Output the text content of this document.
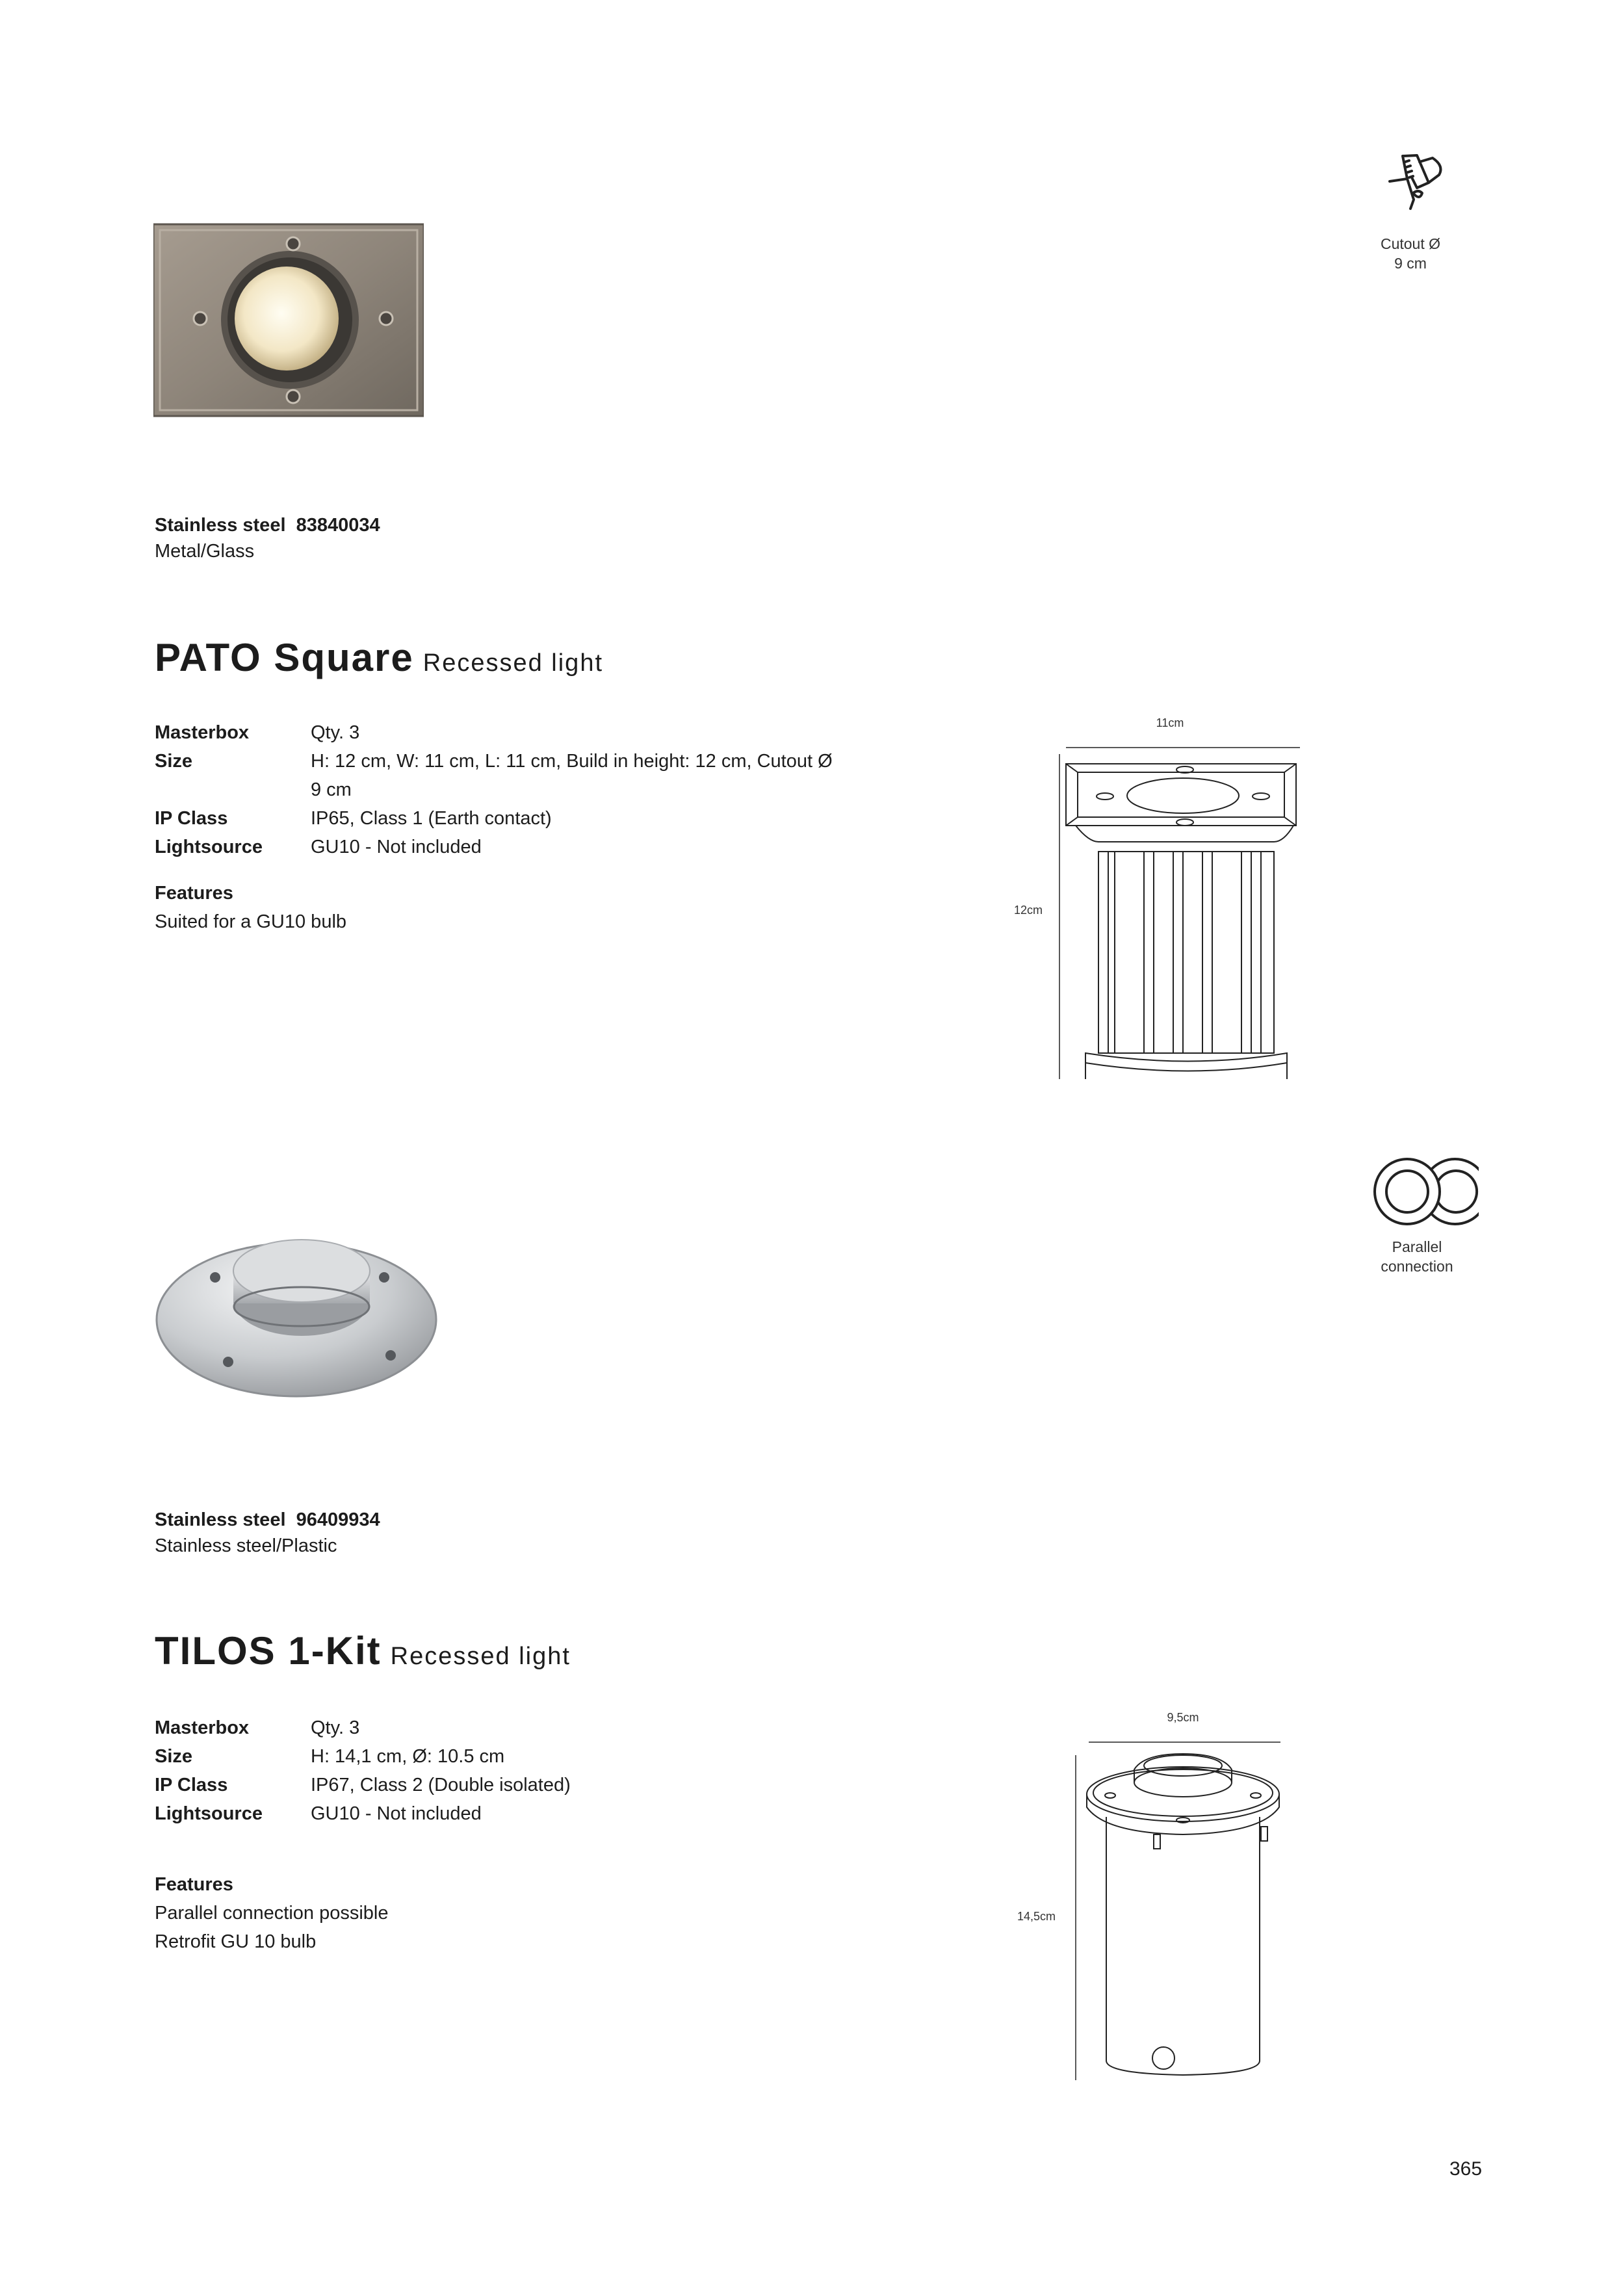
Stainless steel 83840034
Metal/Glass
PATO Square Recessed light
Masterbox	Qty. 3
Size	H: 12 cm, W: 11 cm, L: 11 cm, Build in height: 12 cm, Cutout Ø 9 cm
IP Class	IP65, Class 1 (Earth contact)
Lightsource	GU10 - Not included
Features
Suited for a GU10 bulb
Cutout Ø
9 cm
11cm
12cm
Stainless steel 96409934
Stainless steel/Plastic
TILOS 1-Kit Recessed light
Masterbox	Qty. 3
Size	H: 14,1 cm, Ø: 10.5 cm
IP Class	IP67, Class 2 (Double isolated)
Lightsource	GU10 - Not included
Features
Parallel connection possible
Retrofit GU 10 bulb
Parallel
connection
9,5cm
14,5cm
365
